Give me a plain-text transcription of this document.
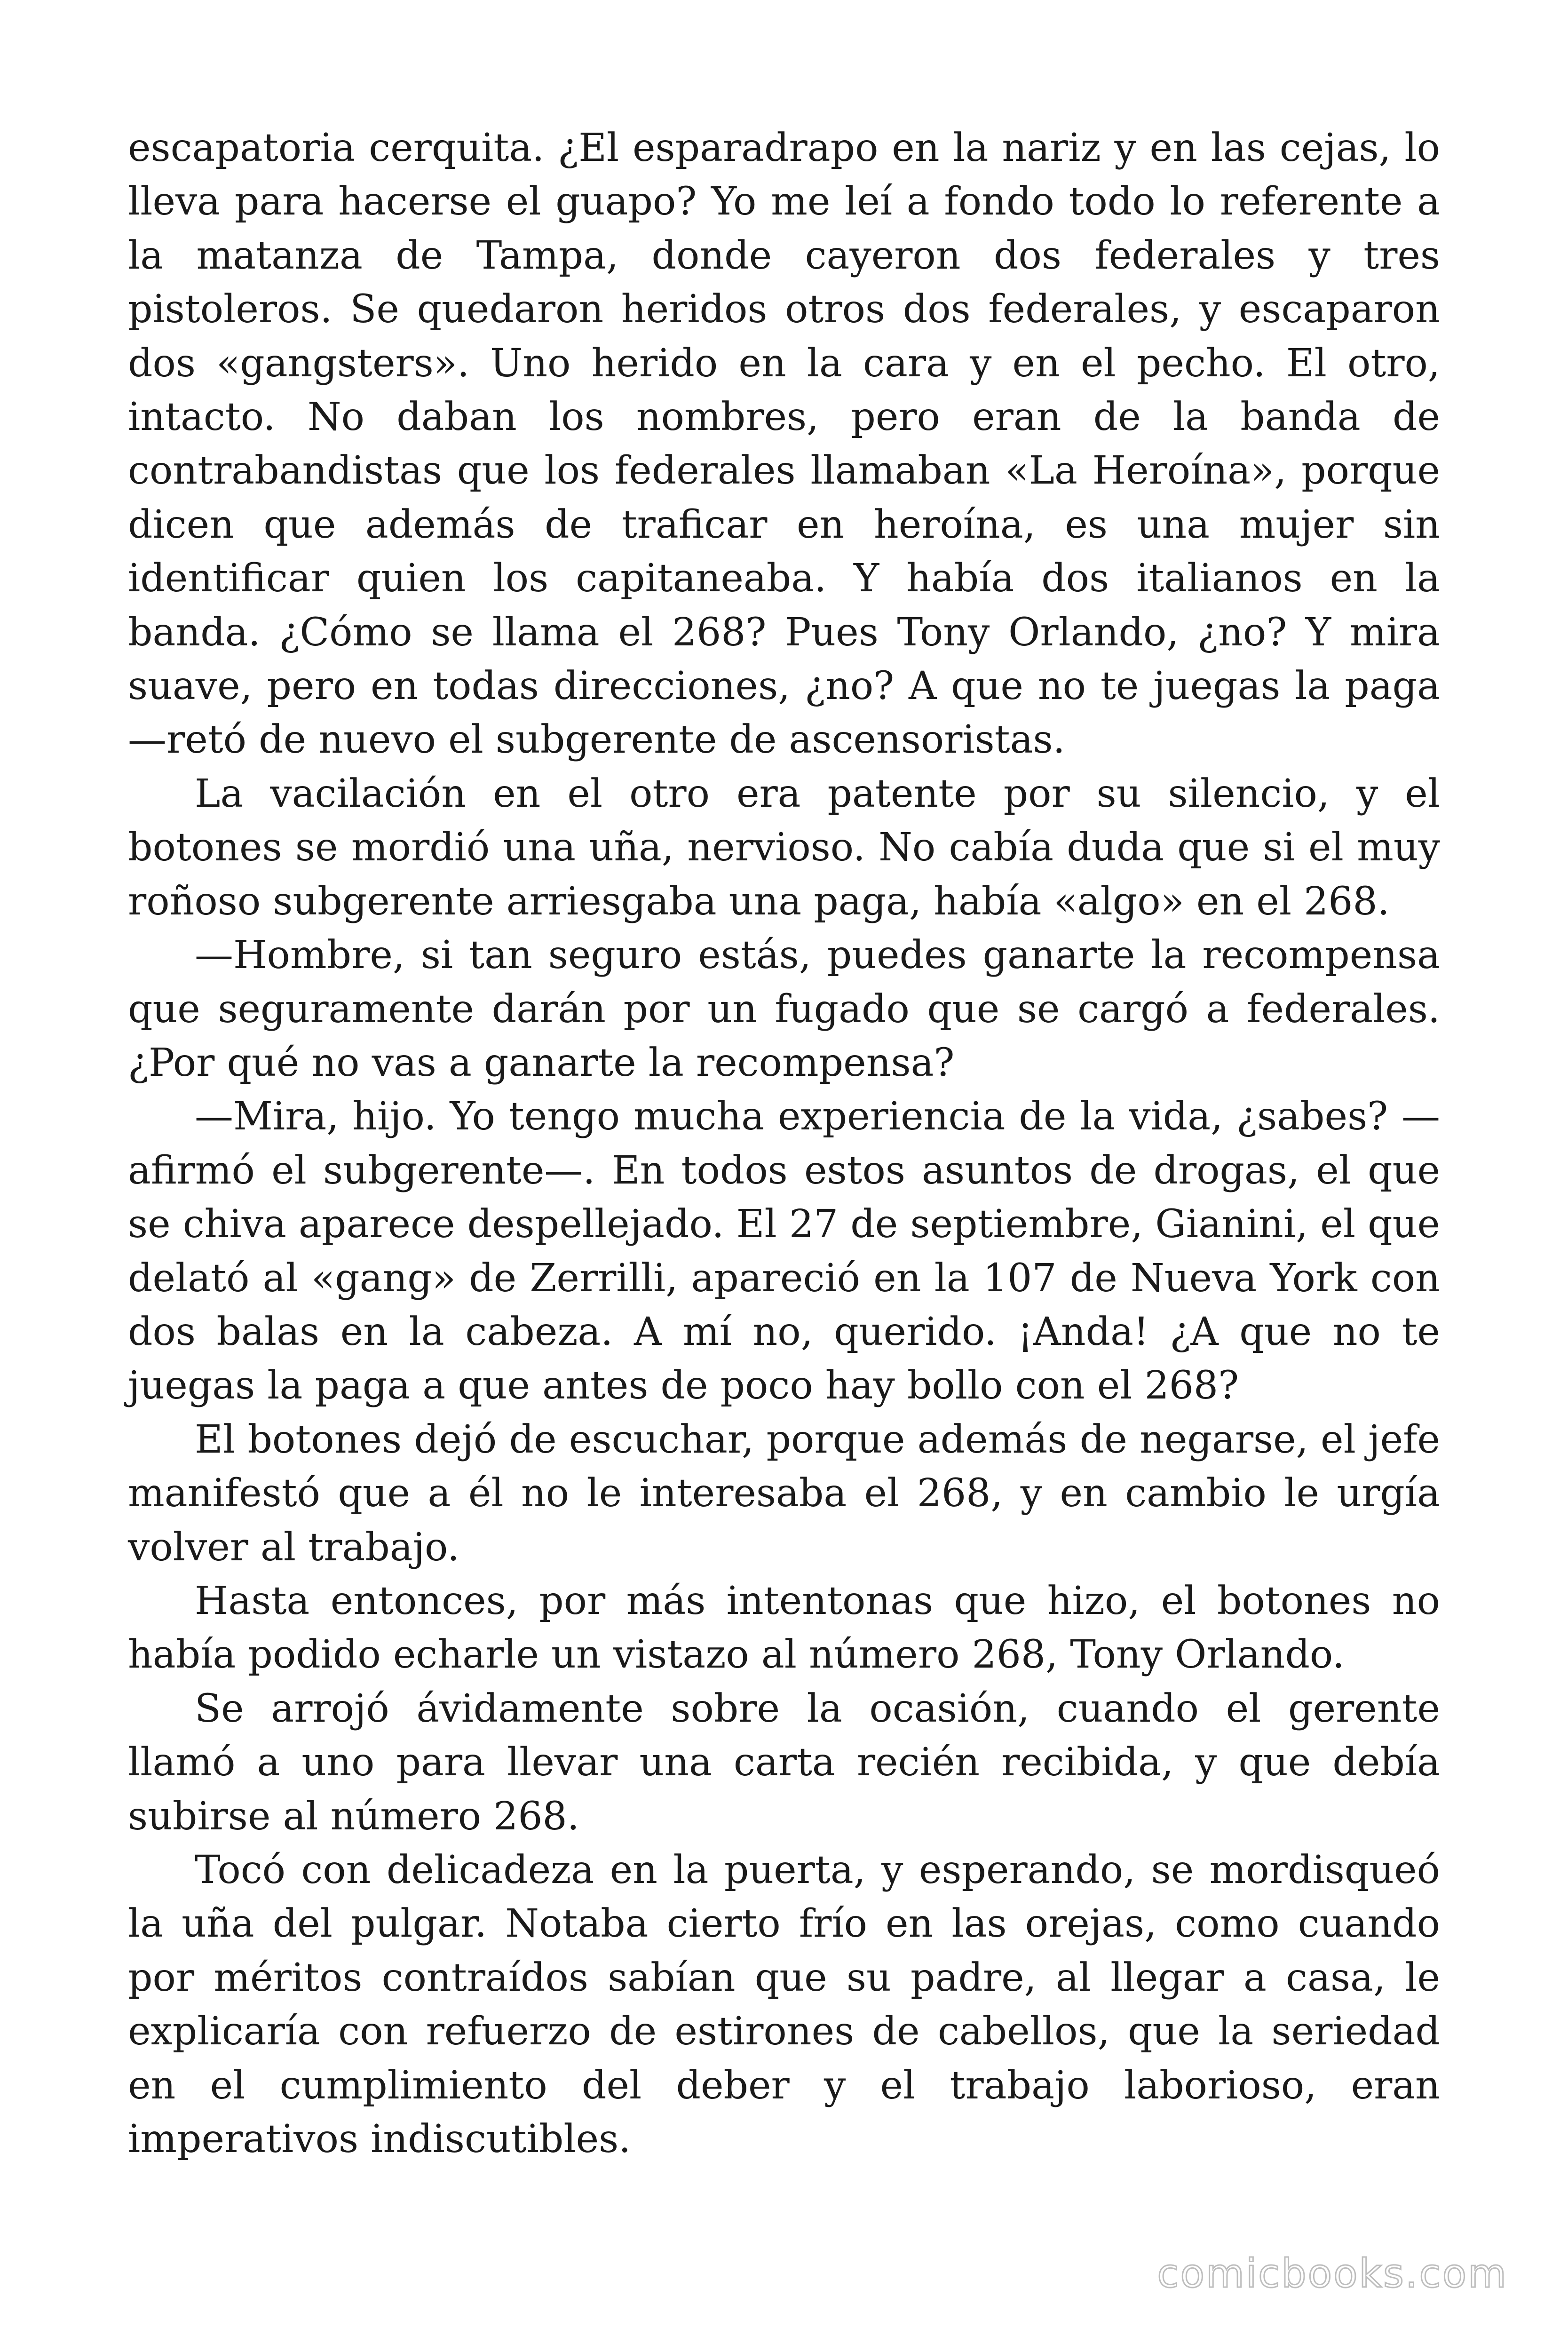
escapatoria cerquita. ¿El esparadrapo en la nariz y en las cejas, lo lleva para hacerse el guapo? Yo me leí a fondo todo lo referente a la matanza de Tampa, donde cayeron dos federales y tres pistoleros. Se quedaron heridos otros dos federales, y escaparon dos «gangsters». Uno herido en la cara y en el pecho. El otro, intacto. No daban los nombres, pero eran de la banda de contrabandistas que los federales llamaban «La Heroína», porque dicen que además de traficar en heroína, es una mujer sin identificar quien los capitaneaba. Y había dos italianos en la banda. ¿Cómo se llama el 268? Pues Tony Orlando, ¿no? Y mira suave, pero en todas direcciones, ¿no? A que no te juegas la paga —retó de nuevo el subgerente de ascensoristas.

La vacilación en el otro era patente por su silencio, y el botones se mordió una uña, nervioso. No cabía duda que si el muy roñoso subgerente arriesgaba una paga, había «algo» en el 268.

—Hombre, si tan seguro estás, puedes ganarte la recompensa que seguramente darán por un fugado que se cargó a federales. ¿Por qué no vas a ganarte la recompensa?

—Mira, hijo. Yo tengo mucha experiencia de la vida, ¿sabes? —afirmó el subgerente—. En todos estos asuntos de drogas, el que se chiva aparece despellejado. El 27 de septiembre, Gianini, el que delató al «gang» de Zerrilli, apareció en la 107 de Nueva York con dos balas en la cabeza. A mí no, querido. ¡Anda! ¿A que no te juegas la paga a que antes de poco hay bollo con el 268?

El botones dejó de escuchar, porque además de negarse, el jefe manifestó que a él no le interesaba el 268, y en cambio le urgía volver al trabajo.

Hasta entonces, por más intentonas que hizo, el botones no había podido echarle un vistazo al número 268, Tony Orlando.

Se arrojó ávidamente sobre la ocasión, cuando el gerente llamó a uno para llevar una carta recién recibida, y que debía subirse al número 268.

Tocó con delicadeza en la puerta, y esperando, se mordisqueó la uña del pulgar. Notaba cierto frío en las orejas, como cuando por méritos contraídos sabían que su padre, al llegar a casa, le explicaría con refuerzo de estirones de cabellos, que la seriedad en el cumplimiento del deber y el trabajo laborioso, eran imperativos indiscutibles.

comicbooks.com
